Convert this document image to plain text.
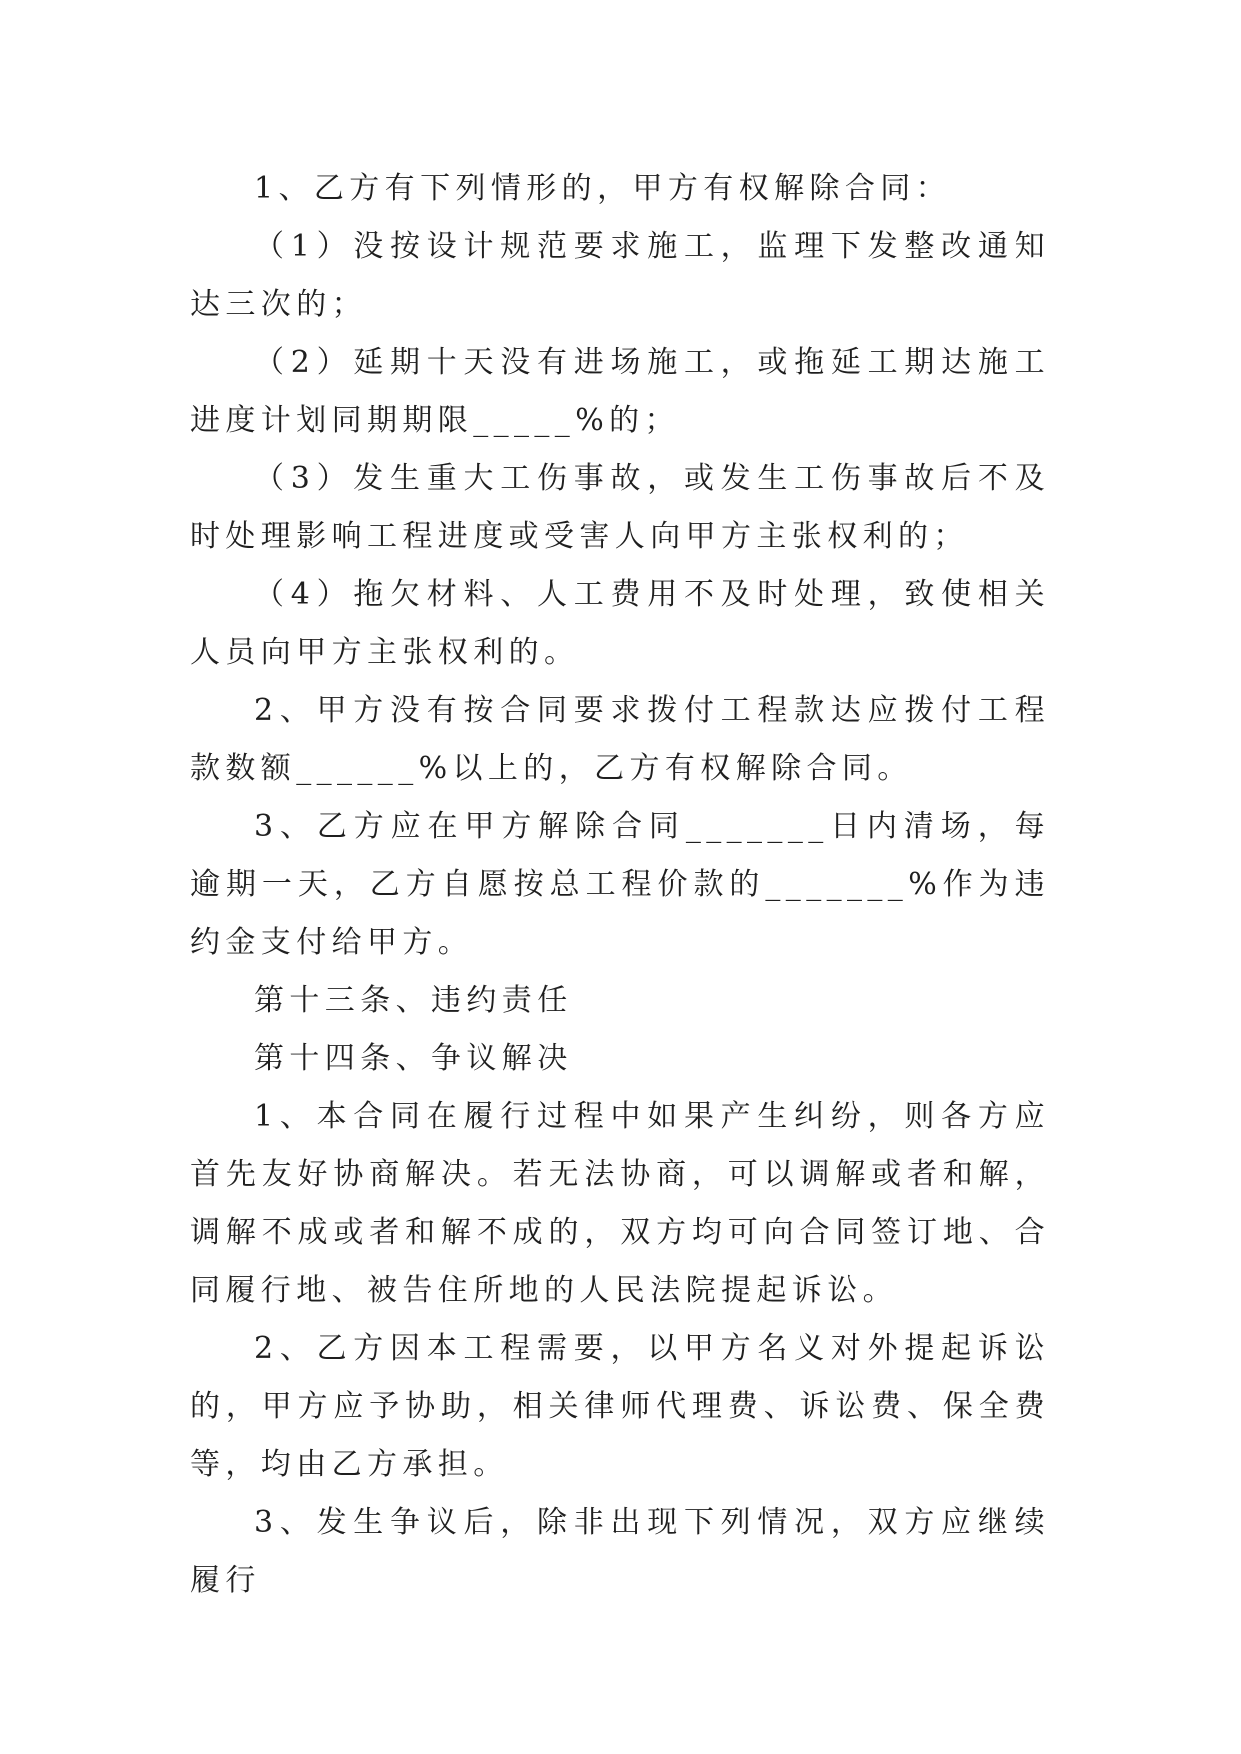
1、乙方有下列情形的，甲方有权解除合同：

（1）没按设计规范要求施工，监理下发整改通知达三次的；

（2）延期十天没有进场施工，或拖延工期达施工进度计划同期期限_____%的；

（3）发生重大工伤事故，或发生工伤事故后不及时处理影响工程进度或受害人向甲方主张权利的；

（4）拖欠材料、人工费用不及时处理，致使相关人员向甲方主张权利的。

2、甲方没有按合同要求拨付工程款达应拨付工程款数额______%以上的，乙方有权解除合同。

3、乙方应在甲方解除合同_______日内清场，每逾期一天，乙方自愿按总工程价款的_______%作为违约金支付给甲方。

第十三条、违约责任

第十四条、争议解决

1、本合同在履行过程中如果产生纠纷，则各方应首先友好协商解决。若无法协商，可以调解或者和解，调解不成或者和解不成的，双方均可向合同签订地、合同履行地、被告住所地的人民法院提起诉讼。

2、乙方因本工程需要，以甲方名义对外提起诉讼的，甲方应予协助，相关律师代理费、诉讼费、保全费等，均由乙方承担。

3、发生争议后，除非出现下列情况，双方应继续履行
